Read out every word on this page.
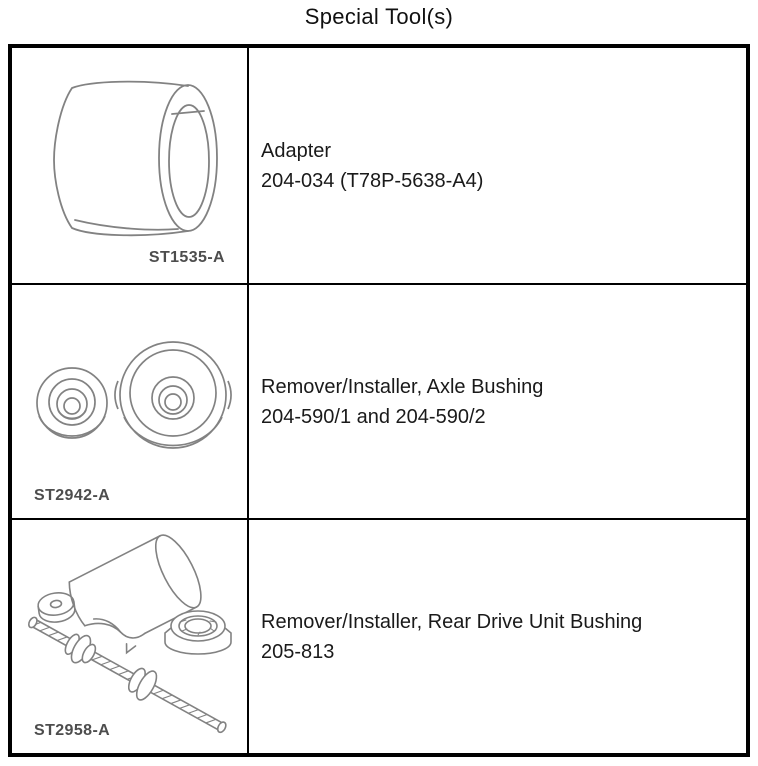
Special Tool(s)
ST1535-A
Adapter
204-034 (T78P-5638-A4)
ST2942-A
Remover/Installer, Axle Bushing
204-590/1 and 204-590/2
ST2958-A
Remover/Installer, Rear Drive Unit Bushing
205-813
